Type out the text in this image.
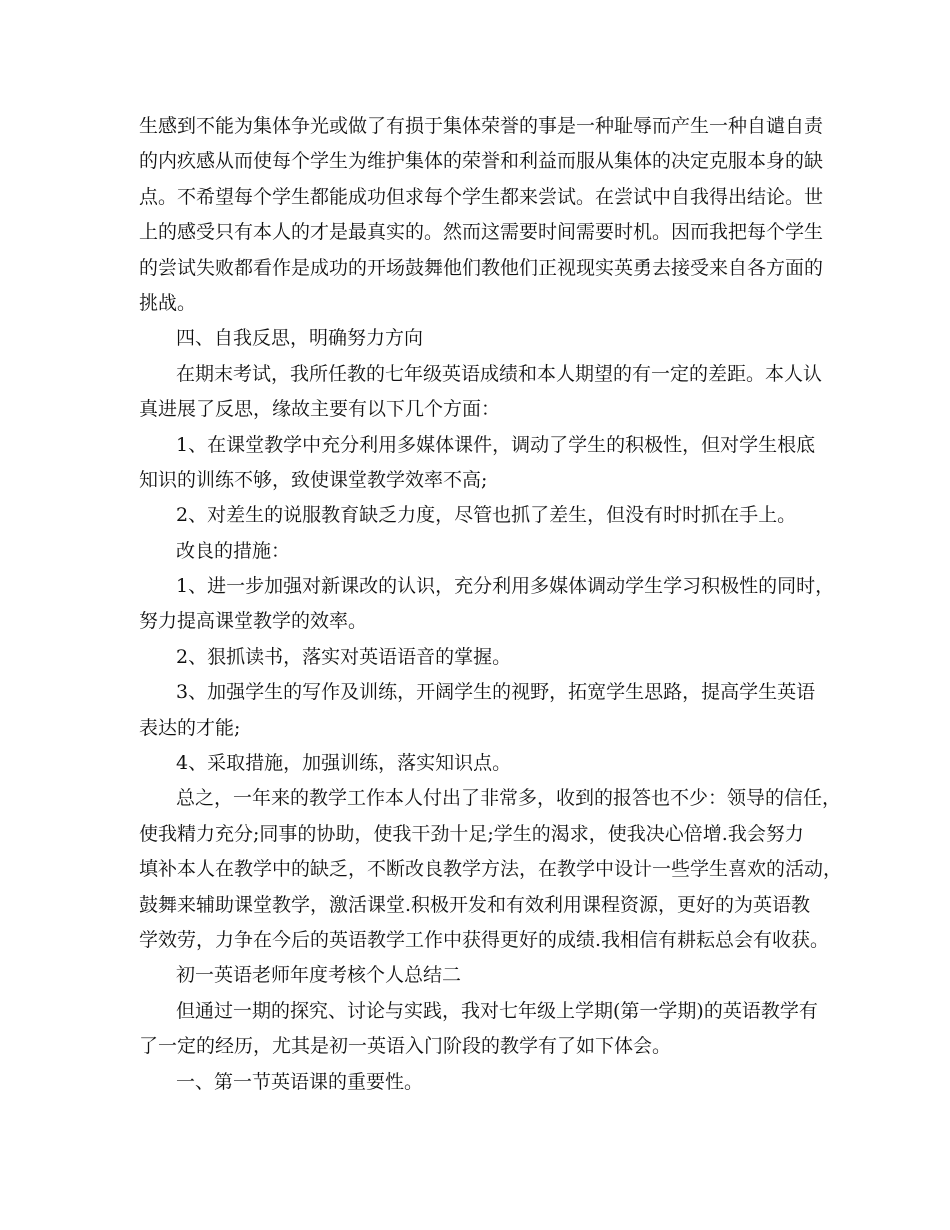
生感到不能为集体争光或做了有损于集体荣誉的事是一种耻辱而产生一种自谴自责
的内疚感从而使每个学生为维护集体的荣誉和利益而服从集体的决定克服本身的缺
点。不希望每个学生都能成功但求每个学生都来尝试。在尝试中自我得出结论。世
上的感受只有本人的才是最真实的。然而这需要时间需要时机。因而我把每个学生
的尝试失败都看作是成功的开场鼓舞他们教他们正视现实英勇去接受来自各方面的
挑战。
四、自我反思，明确努力方向
在期末考试，我所任教的七年级英语成绩和本人期望的有一定的差距。本人认
真进展了反思，缘故主要有以下几个方面：
1、在课堂教学中充分利用多媒体课件，调动了学生的积极性，但对学生根底
知识的训练不够，致使课堂教学效率不高;
2、对差生的说服教育缺乏力度，尽管也抓了差生，但没有时时抓在手上。
改良的措施：
1、进一步加强对新课改的认识，充分利用多媒体调动学生学习积极性的同时，
努力提高课堂教学的效率。
2、狠抓读书，落实对英语语音的掌握。
3、加强学生的写作及训练，开阔学生的视野，拓宽学生思路，提高学生英语
表达的才能;
4、采取措施，加强训练，落实知识点。
总之，一年来的教学工作本人付出了非常多，收到的报答也不少：领导的信任，
使我精力充分;同事的协助，使我干劲十足;学生的渴求，使我决心倍增.我会努力
填补本人在教学中的缺乏，不断改良教学方法，在教学中设计一些学生喜欢的活动，
鼓舞来辅助课堂教学，激活课堂.积极开发和有效利用课程资源，更好的为英语教
学效劳，力争在今后的英语教学工作中获得更好的成绩.我相信有耕耘总会有收获。
初一英语老师年度考核个人总结二
但通过一期的探究、讨论与实践，我对七年级上学期(第一学期)的英语教学有
了一定的经历，尤其是初一英语入门阶段的教学有了如下体会。
一、第一节英语课的重要性。
